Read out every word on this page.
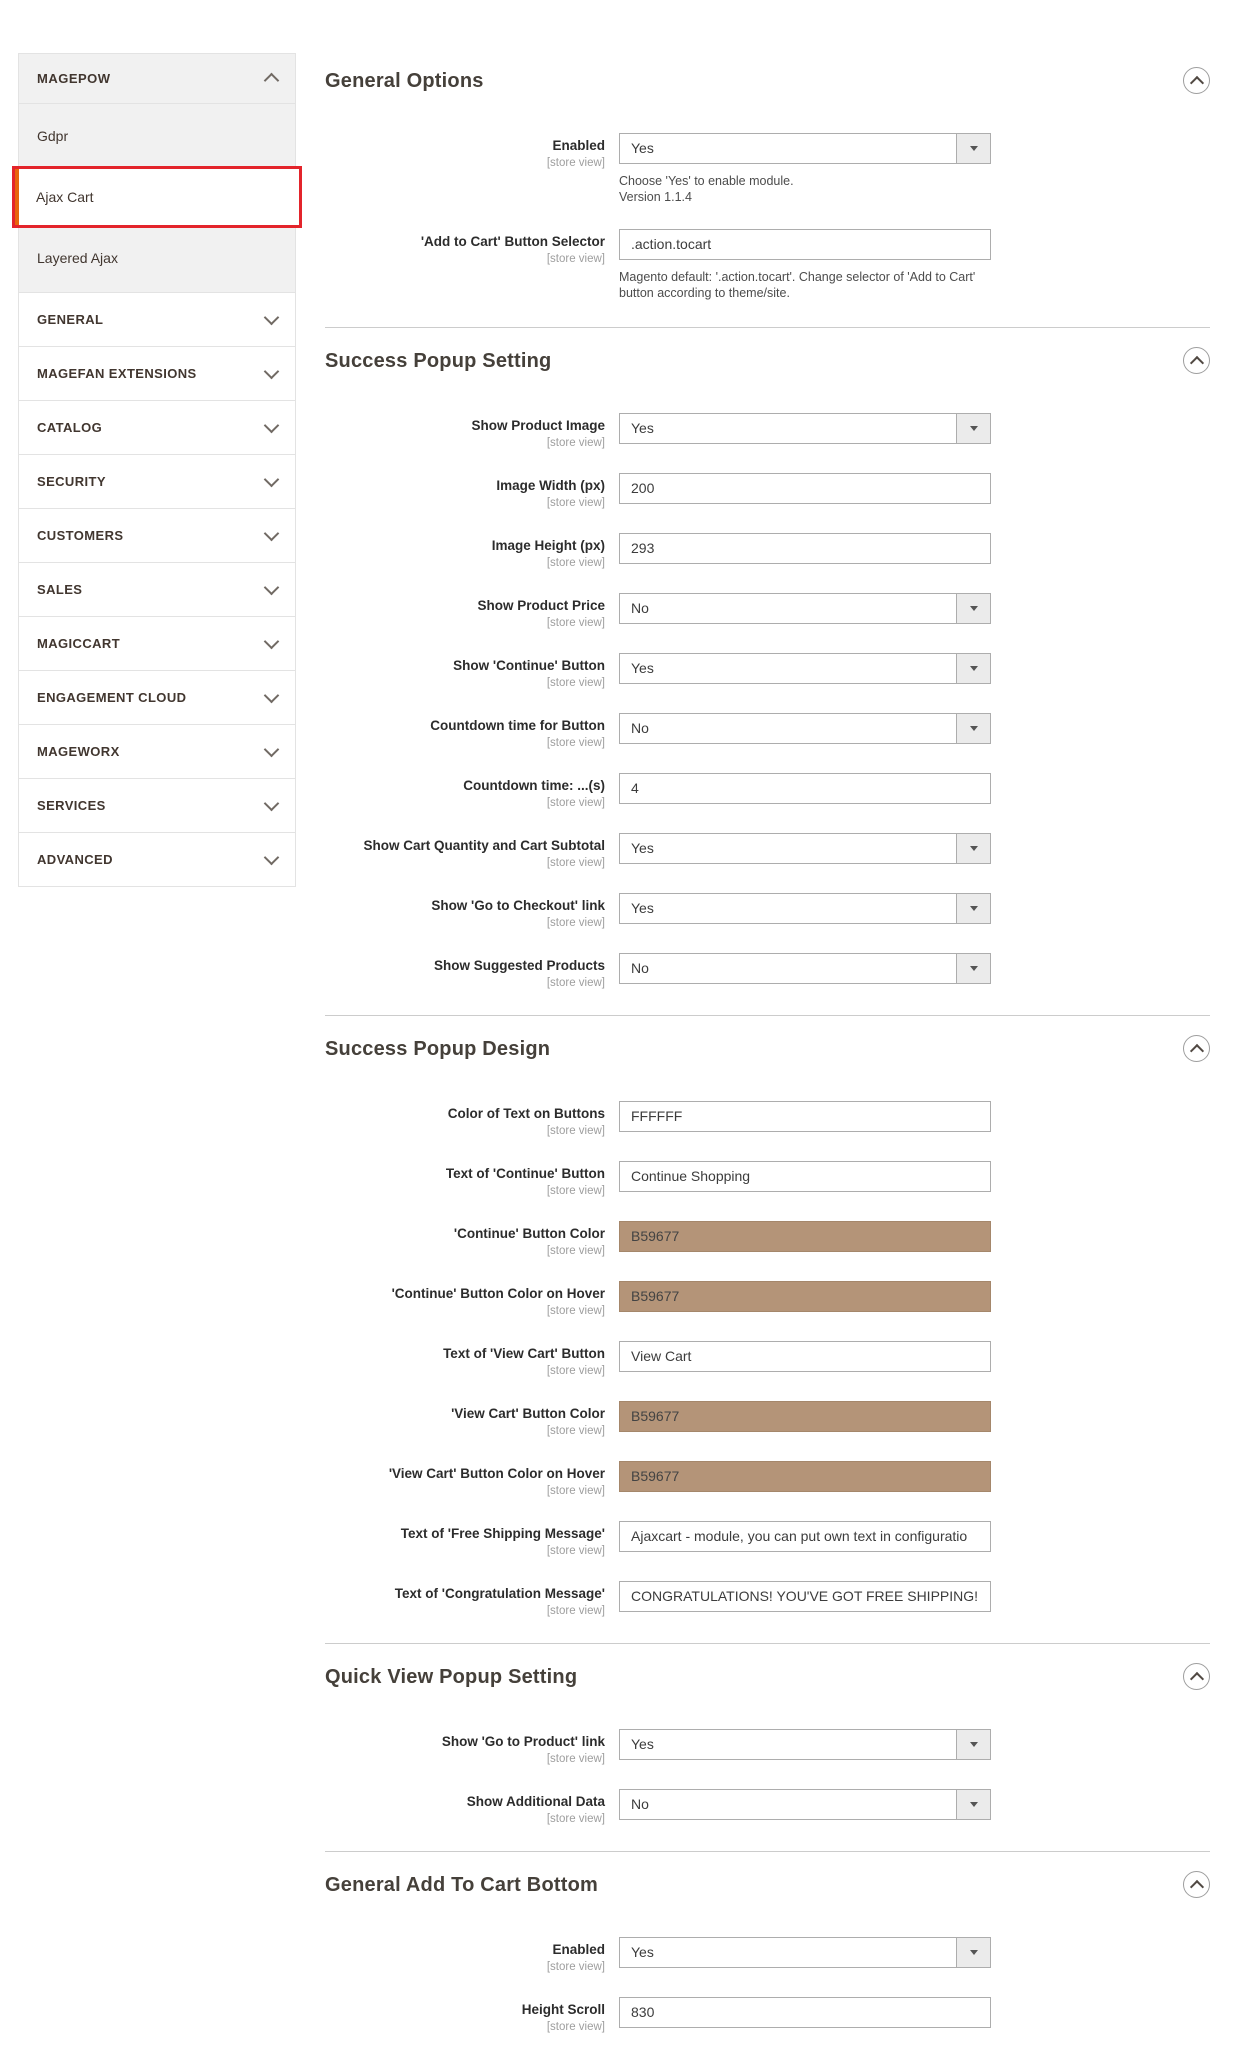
MAGEPOW
Gdpr
Ajax Cart
Layered Ajax
GENERAL
MAGEFAN EXTENSIONS
CATALOG
SECURITY
CUSTOMERS
SALES
MAGICCART
ENGAGEMENT CLOUD
MAGEWORX
SERVICES
ADVANCED
General Options
Enabled
[store view]
Yes
Choose 'Yes' to enable module.
Version 1.1.4
'Add to Cart' Button Selector
[store view]
.action.tocart
Magento default: '.action.tocart'. Change selector of 'Add to Cart' button according to theme/site.
Success Popup Setting
Show Product Image
[store view]
Yes
Image Width (px)
[store view]
200
Image Height (px)
[store view]
293
Show Product Price
[store view]
No
Show 'Continue' Button
[store view]
Yes
Countdown time for Button
[store view]
No
Countdown time: ...(s)
[store view]
4
Show Cart Quantity and Cart Subtotal
[store view]
Yes
Show 'Go to Checkout' link
[store view]
Yes
Show Suggested Products
[store view]
No
Success Popup Design
Color of Text on Buttons
[store view]
FFFFFF
Text of 'Continue' Button
[store view]
Continue Shopping
'Continue' Button Color
[store view]
B59677
'Continue' Button Color on Hover
[store view]
B59677
Text of 'View Cart' Button
[store view]
View Cart
'View Cart' Button Color
[store view]
B59677
'View Cart' Button Color on Hover
[store view]
B59677
Text of 'Free Shipping Message'
[store view]
Ajaxcart - module, you can put own text in configuratio
Text of 'Congratulation Message'
[store view]
CONGRATULATIONS! YOU'VE GOT FREE SHIPPING!
Quick View Popup Setting
Show 'Go to Product' link
[store view]
Yes
Show Additional Data
[store view]
No
General Add To Cart Bottom
Enabled
[store view]
Yes
Height Scroll
[store view]
830
